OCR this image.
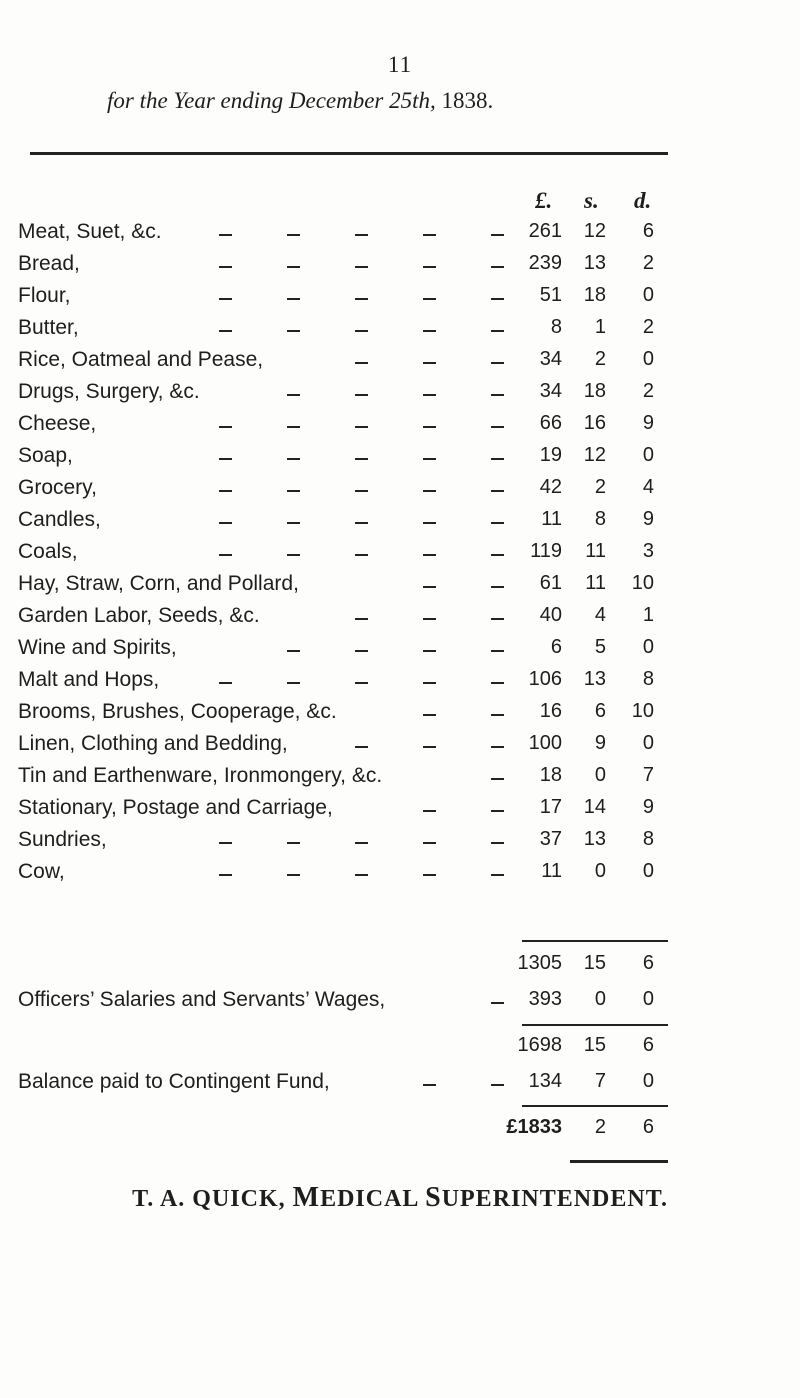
11
for the Year ending December 25th, 1838.
£. s. d.
Meat, Suet, &c.	261	12	6
Bread,	239	13	2
Flour,	51	18	0
Butter,	8	1	2
Rice, Oatmeal and Pease,	34	2	0
Drugs, Surgery, &c.	34	18	2
Cheese,	66	16	9
Soap,	19	12	0
Grocery,	42	2	4
Candles,	11	8	9
Coals,	119	11	3
Hay, Straw, Corn, and Pollard,	61	11	10
Garden Labor, Seeds, &c.	40	4	1
Wine and Spirits,	6	5	0
Malt and Hops,	106	13	8
Brooms, Brushes, Cooperage, &c.	16	6	10
Linen, Clothing and Bedding,	100	9	0
Tin and Earthenware, Ironmongery, &c.	18	0	7
Stationary, Postage and Carriage,	17	14	9
Sundries,	37	13	8
Cow,	11	0	0
1305	15	6
Officers’ Salaries and Servants’ Wages,	393	0	0
1698	15	6
Balance paid to Contingent Fund,	134	7	0
£1833	2	6
T. A. QUICK, MEDICAL SUPERINTENDENT.
